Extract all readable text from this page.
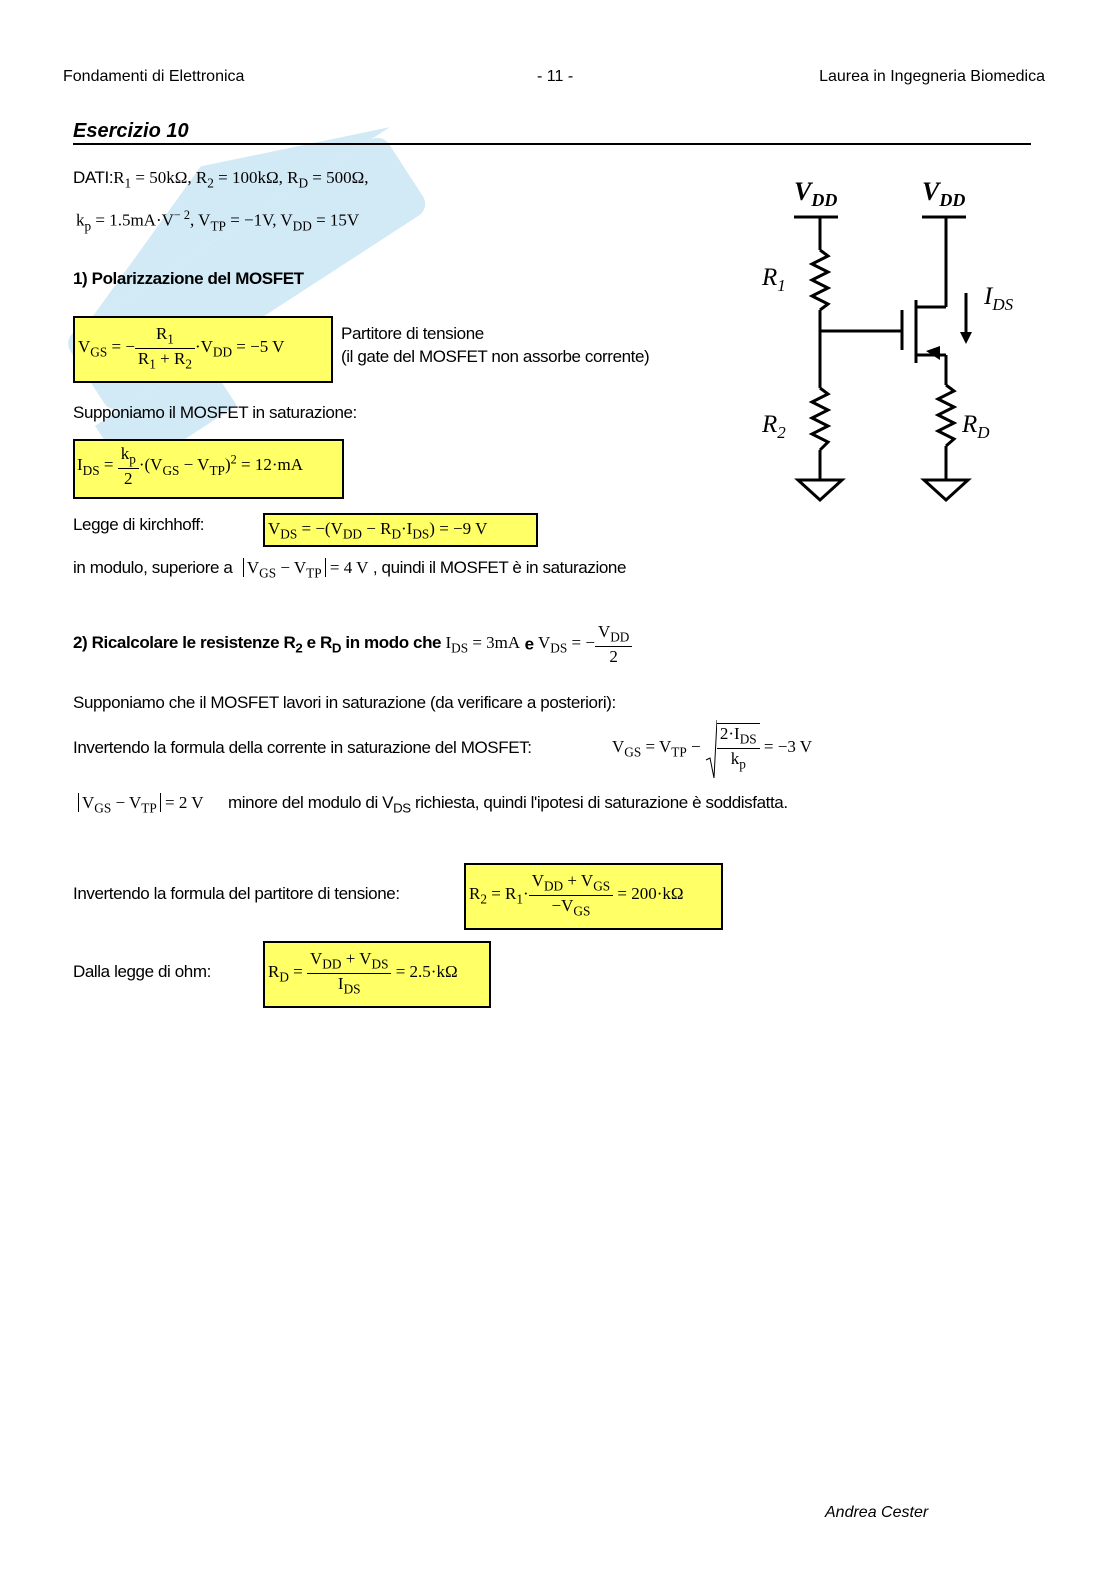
Fondamenti di Elettronica	- 11 -	Laurea in Ingegneria Biomedica
Esercizio 10
$DATI:R_1 = 50k\Omega$, $R_2 = 100k\Omega$, $R_D = 500\Omega$,
$k_p = 1.5mA\cdot V^{- 2}$, $V_{TP} = -1V$, $V_{DD} = 15V$
1) Polarizzazione del MOSFET
$V_{GS}$ = − $\frac{R_1}{R_1 + R_2} \cdot V_{DD} = -5$ V
Partitore di tensione
(il gate del MOSFET non assorbe corrente)
Supponiamo il MOSFET in saturazione:
$I_{DS} = \frac{k_p}{2} \cdot(V_{GS} - V_{TP})^2 = 12\cdot mA$
Legge di kirchhoff:	$V_{DS} = -(V_{DD} - R_D\cdot I_{DS}) = -9$ V
in modulo, superiore a $V_{GS} - V_{TP} = 4$ V , quindi il MOSFET è in saturazione
2) Ricalcolare le resistenze $R_2$ e $R_D$ in modo che $I_{DS} = 3mA$ e $V_{DS}$ = − $\frac{V_{DD}}{2}$
Supponiamo che il MOSFET lavori in saturazione (da verificare a posteriori):
Invertendo la formula della corrente in saturazione del MOSFET:	$V_{GS} = V_{TP} - \frac{2\cdot I_{DS}}{k_p} = -3$ V
$V_{GS} - V_{TP} = 2$ V minore del modulo di $V_{DS}$ richiesta, quindi l'ipotesi di saturazione è soddisfatta.
Invertendo la formula del partitore di tensione:	$R_2 = R_1\cdot \frac{V_{DD} + V_{GS}}{-V_{GS}} = 200\cdot k\Omega$
Dalla legge di ohm:	$R_D = \frac{V_{DD} + V_{DS}}{I_{DS}} = 2.5\cdot k\Omega$
$V_{DD}$	$V_{DD}$
$R_1$
$R_2$	$R_D$
$I_{DS}$
Andrea Cester
